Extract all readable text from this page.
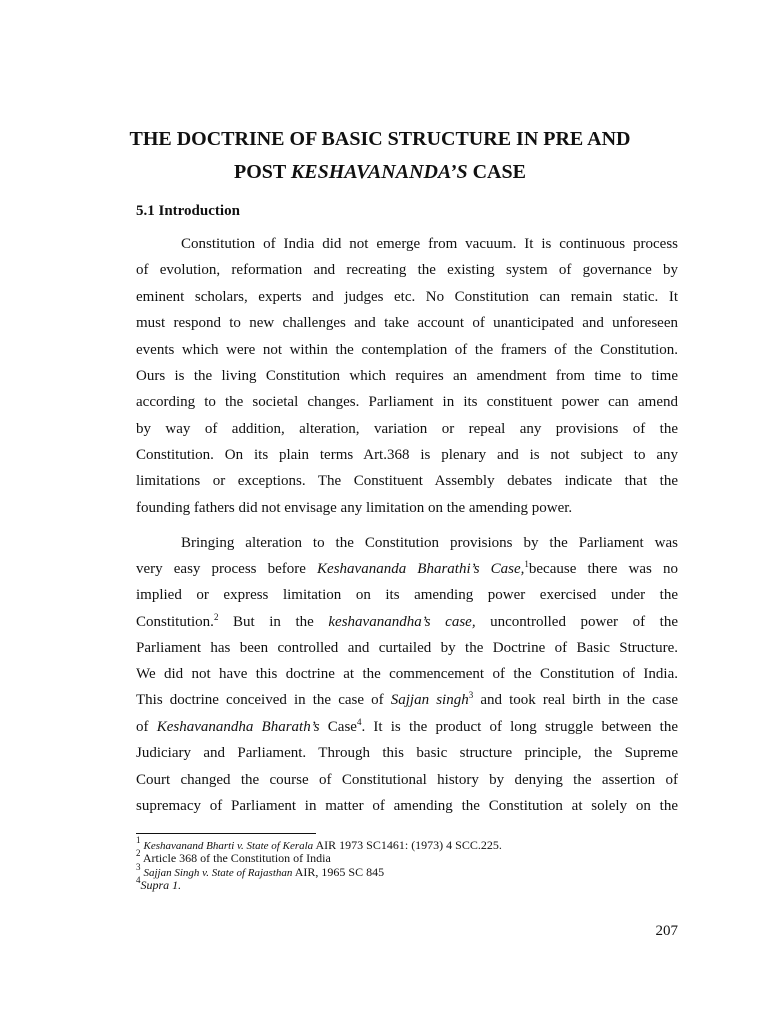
THE DOCTRINE OF BASIC STRUCTURE IN PRE AND

POST KESHAVANANDA’S CASE

5.1 Introduction

Constitution of India did not emerge from vacuum. It is continuous process

of evolution, reformation and recreating the existing system of governance by

eminent scholars, experts and judges etc. No Constitution can remain static. It

must respond to new challenges and take account of unanticipated and unforeseen

events which were not within the contemplation of the framers of the Constitution.

Ours is the living Constitution which requires an amendment from time to time

according to the societal changes. Parliament in its constituent power can amend

by way of addition, alteration, variation or repeal any provisions of the

Constitution. On its plain terms Art.368 is plenary and is not subject to any

limitations or exceptions. The Constituent Assembly debates indicate that the

founding fathers did not envisage any limitation on the amending power.

Bringing alteration to the Constitution provisions by the Parliament was

very easy process before Keshavananda Bharathi’s Case,$^1$because there was no

implied or express limitation on its amending power exercised under the

Constitution.$^2$ But in the keshavanandha’s case, uncontrolled power of the

Parliament has been controlled and curtailed by the Doctrine of Basic Structure.

We did not have this doctrine at the commencement of the Constitution of India.

This doctrine conceived in the case of Sajjan singh$^3$ and took real birth in the case

of Keshavanandha Bharath’s Case$^4$. It is the product of long struggle between the

Judiciary and Parliament. Through this basic structure principle, the Supreme

Court changed the course of Constitutional history by denying the assertion of

supremacy of Parliament in matter of amending the Constitution at solely on the

$^1$ Keshavanand Bharti v. State of Kerala AIR 1973 SC1461: (1973) 4 SCC.225.

$^2$ Article 368 of the Constitution of India

$^3$ Sajjan Singh v. State of Rajasthan AIR, 1965 SC 845

$^4$Supra 1.

207
